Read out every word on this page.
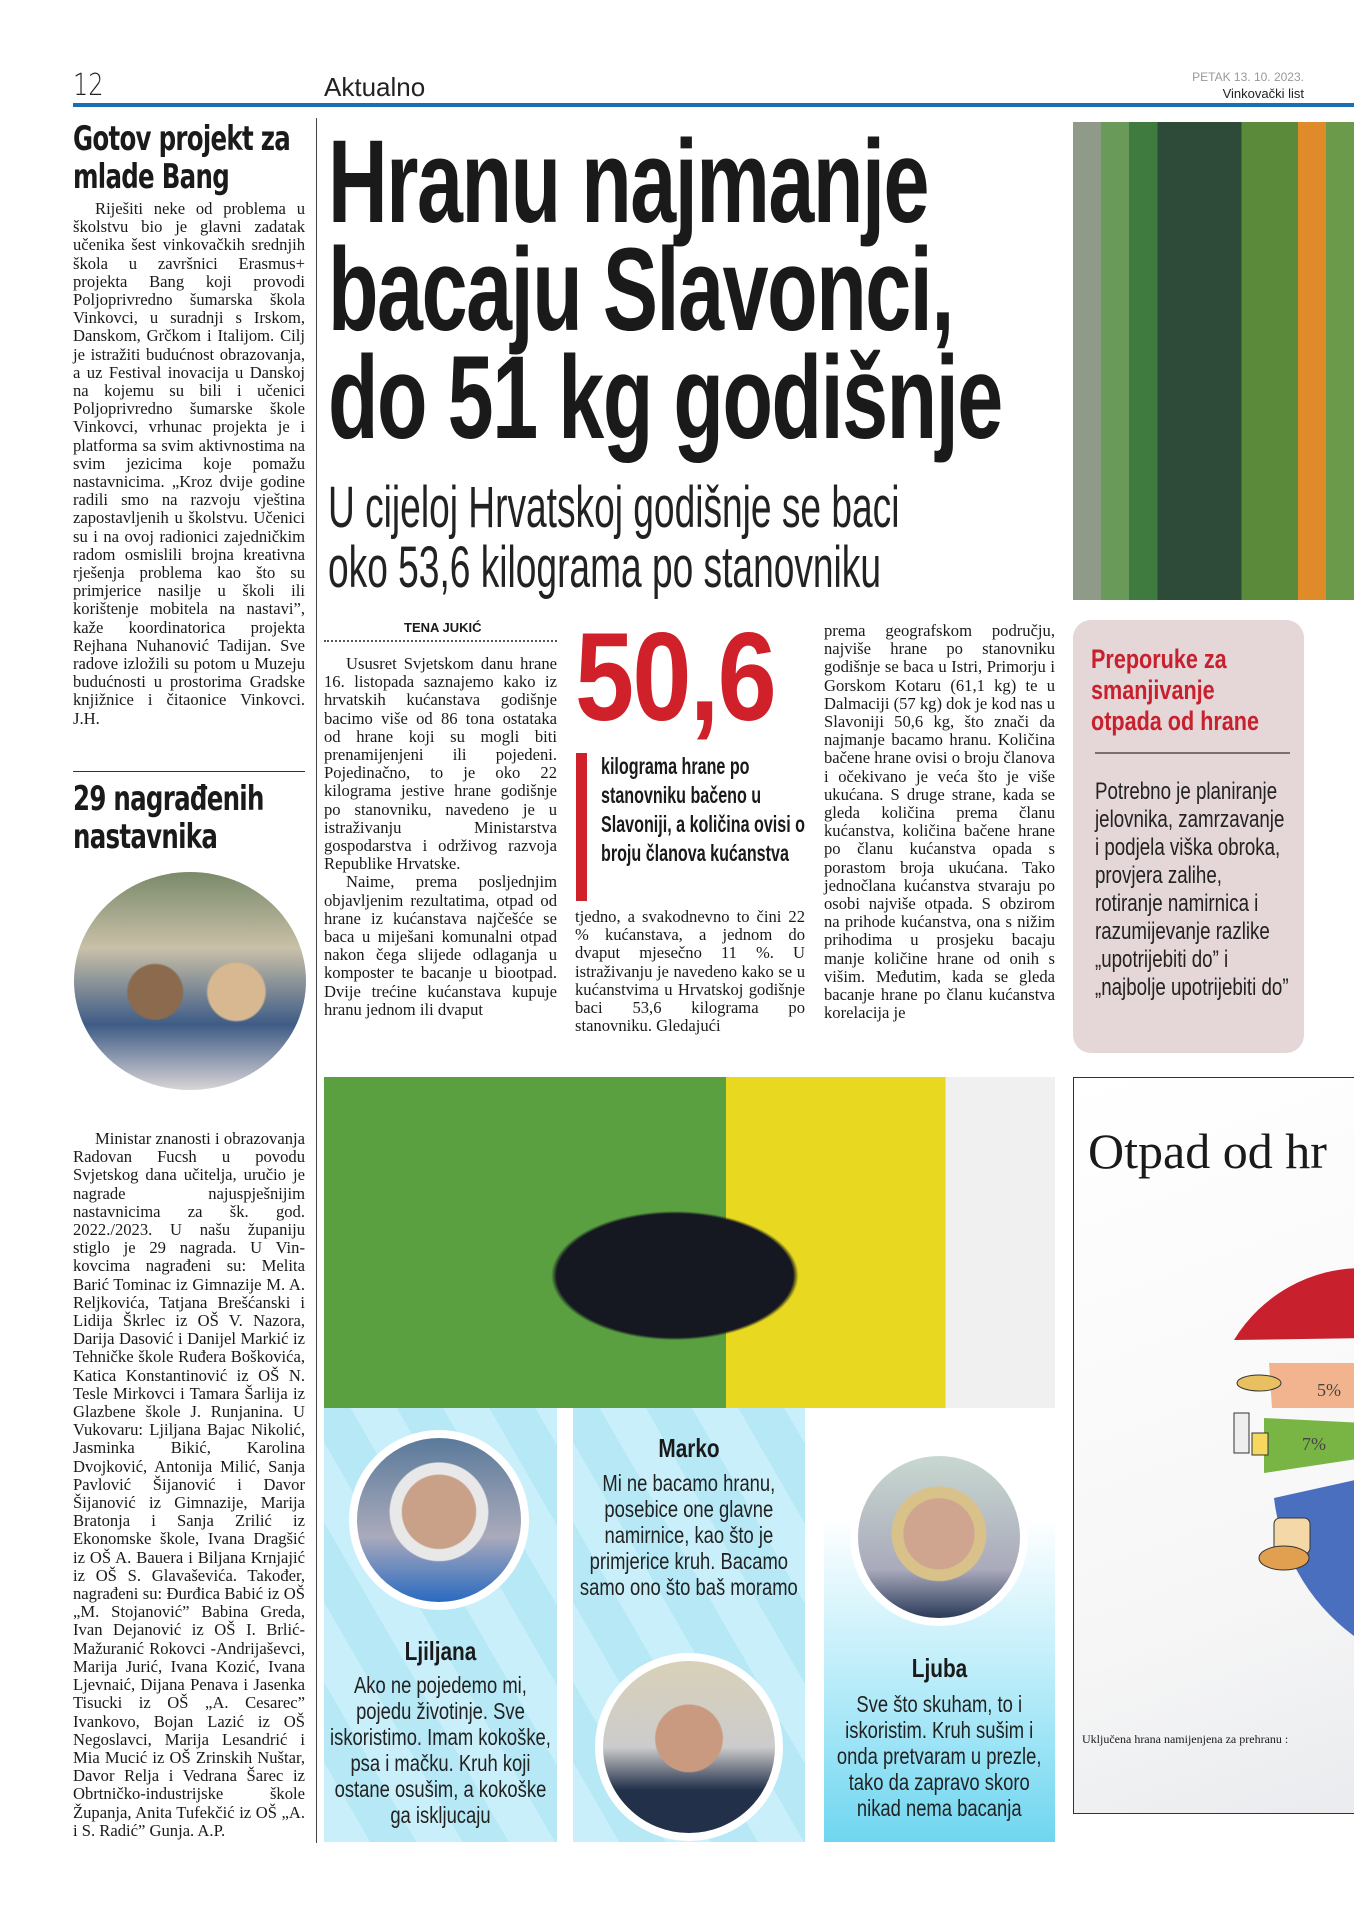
12	Aktualno	PETAK 13. 10. 2023.
Vinkovački list
Gotov projekt za mlade Bang

Riješiti neke od problema u školstvu bio je glavni zadatak učenika šest vinkovačkih srednjih škola u završnici Erasmus+ projekta Bang koji provodi Poljoprivredno šumarska škola Vinkovci, u suradnji s Irskom, Danskom, Grčkom i Italijom. Cilj je istražiti budućnost obrazovanja, a uz Festival inovacija u Danskoj na kojemu su bili i učenici Poljoprivredno šumarske škole Vinkovci, vrhunac projekta je i platforma sa svim aktivnostima na svim jezicima koje pomažu nastavnicima. „Kroz dvije godine radili smo na razvoju vještina zapostavljenih u školstvu. Učenici su i na ovoj radionici zajedničkim radom osmislili brojna kreativna rješenja problema kao što su primjerice nasilje u školi ili korištenje mobitela na nastavi”, kaže koordinatorica projekta Rejhana Nuhanović Tadijan. Sve radove izložili su potom u Muzeju budućnosti u prostorima Gradske knjižnice i čitaonice Vinkovci. J.H.

29 nagrađenih nastavnika

Ministar znanosti i obrazovanja Radovan Fucsh u povodu Svjetskog dana učitelja, uručio je nagrade najuspješnijim nastavnicima za šk. god. 2022./2023. U našu županiju stiglo je 29 nagrada. U Vinkovcima nagrađeni su: Melita Barić Tominac iz Gimnazije M. A. Reljkovića, Tatjana Brešćanski i Lidija Škrlec iz OŠ V. Nazora, Darija Dasović i Danijel Markić iz Tehničke škole Ruđera Boškovića, Katica Konstantinović iz OŠ N. Tesle Mirkovci i Tamara Šarlija iz Glazbene škole J. Runjanina. U Vukovaru: Ljiljana Bajac Nikolić, Jasminka Bikić, Karolina Dvojković, Antonija Milić, Sanja Pavlović Šijanović i Davor Šijanović iz Gimnazije, Marija Bratonja i Sanja Zrilić iz Ekonomske škole, Ivana Dragšić iz OŠ A. Bauera i Biljana Krnjajić iz OŠ S. Glavaševića. Također, nagrađeni su: Đurđica Babić iz OŠ „M. Stojanović” Babina Greda, Ivan Dejanović iz OŠ I. Brlić-Mažuranić Rokovci -Andrijaševci, Marija Jurić, Ivana Kozić, Ivana Ljevnaić, Dijana Penava i Jasenka Tisucki iz OŠ „A. Cesarec” Ivankovo, Bojan Lazić iz OŠ Negoslavci, Marija Lesandrić i Mia Mucić iz OŠ Zrinskih Nuštar, Davor Relja i Vedrana Šarec iz Obrtničko-industrijske škole Županja, Anita Tufekčić iz OŠ „A. i S. Radić” Gunja. A.P.

Hranu najmanje
bacaju Slavonci,
do 51 kg godišnje
U cijeloj Hrvatskoj godišnje se baci
oko 53,6 kilograma po stanovniku
TENA JUKIĆ

Ususret Svjetskom danu hrane 16. listopada saznajemo kako iz hrvatskih kućanstava godišnje bacimo više od 86 tona ostataka od hrane koji su mogli biti prenamijenjeni ili pojedeni. Pojedinačno, to je oko 22 kilograma jestive hrane godišnje po stanovniku, navedeno je u istraživanju Ministarstva gospodarstva i održivog razvoja Republike Hrvatske.

Naime, prema posljednjim objavljenim rezultatima, otpad od hrane iz kućanstava najčešće se baca u miješani komunalni otpad nakon čega slijede odlaganja u komposter te bacanje u biootpad. Dvije trećine kućanstava kupuje hranu jednom ili dvaput

50,6
kilograma hrane po stanovniku bačeno u Slavoniji, a količina ovisi o broju članova kućanstva
tjedno, a svakodnevno to čini 22 % kućanstava, a jednom do dvaput mjesečno 11 %. U istraživanju je navedeno kako se u kućanstvima u Hrvatskoj godišnje baci 53,6 kilograma po stanovniku. Gledajući
prema geografskom području, najviše hrane po stanovniku godišnje se baca u Istri, Primorju i Gorskom Kotaru (61,1 kg) te u Dalmaciji (57 kg) dok je kod nas u Slavoniji 50,6 kg, što znači da najmanje bacamo hranu. Količina bačene hrane ovisi o broju članova i očekivano je veća što je više ukućana. S druge strane, kada se gleda količina prema članu kućanstva, količina bačene hrane po članu kućanstva opada s porastom broja ukućana. Tako jednočlana kućanstva stvaraju po osobi najviše otpada. S obzirom na prihode kućanstva, ona s nižim prihodima u prosjeku bacaju manje količine hrane od onih s višim. Međutim, kada se gleda bacanje hrane po članu kućanstva korelacija je
Preporuke za smanjivanje otpada od hrane
Potrebno je planiranje jelovnika, zamrzavanje i podjela viška obroka, provjera zalihe, rotiranje namirnica i razumijevanje razlike „upotrijebiti do” i „najbolje upotrijebiti do”
Ljiljana
Ako ne pojedemo mi, pojedu životinje. Sve iskoristimo. Imam kokoške, psa i mačku. Kruh koji ostane osušim, a kokoške ga iskljucaju
Marko
Mi ne bacamo hranu, posebice one glavne namirnice, kao što je primjerice kruh. Bacamo samo ono što baš moramo
Ljuba
Sve što skuham, to i iskoristim. Kruh sušim i onda pretvaram u prezle, tako da zapravo skoro nikad nema bacanja
Otpad od hr
5%
7%
Uključena hrana namijenjena za prehranu :
